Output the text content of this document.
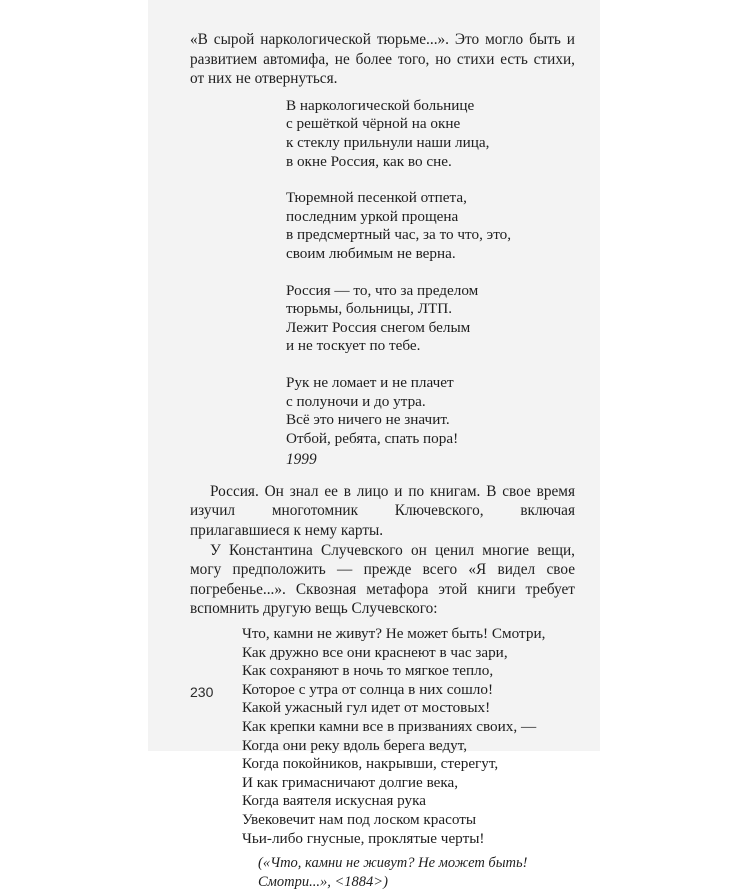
«В сырой наркологической тюрьме...». Это могло быть и развитием автомифа, не более того, но стихи есть стихи, от них не отвернуться.

В наркологической больнице
с решёткой чёрной на окне
к стеклу прильнули наши лица,
в окне Россия, как во сне.
Тюремной песенкой отпета,
последним уркой прощена
в предсмертный час, за то что, это,
своим любимым не верна.
Россия — то, что за пределом
тюрьмы, больницы, ЛТП.
Лежит Россия снегом белым
и не тоскует по тебе.
Рук не ломает и не плачет
с полуночи и до утра.
Всё это ничего не значит.
Отбой, ребята, спать пора!
1999

Россия. Он знал ее в лицо и по книгам. В свое время изучил многотомник Ключевского, включая прилагавшиеся к нему карты.

У Константина Случевского он ценил многие вещи, могу предположить — прежде всего «Я видел свое погребенье...». Сквозная метафора этой книги требует вспомнить другую вещь Случевского:

Что, камни не живут? Не может быть! Смотри,
Как дружно все они краснеют в час зари,
Как сохраняют в ночь то мягкое тепло,
Которое с утра от солнца в них сошло!
Какой ужасный гул идет от мостовых!
Как крепки камни все в призваниях своих, —
Когда они реку вдоль берега ведут,
Когда покойников, накрывши, стерегут,
И как гримасничают долгие века,
Когда ваятеля искусная рука
Увековечит нам под лоском красоты
Чьи-либо гнусные, проклятые черты!
(«Что, камни не живут? Не может быть!
Смотри...», <1884>)
230
